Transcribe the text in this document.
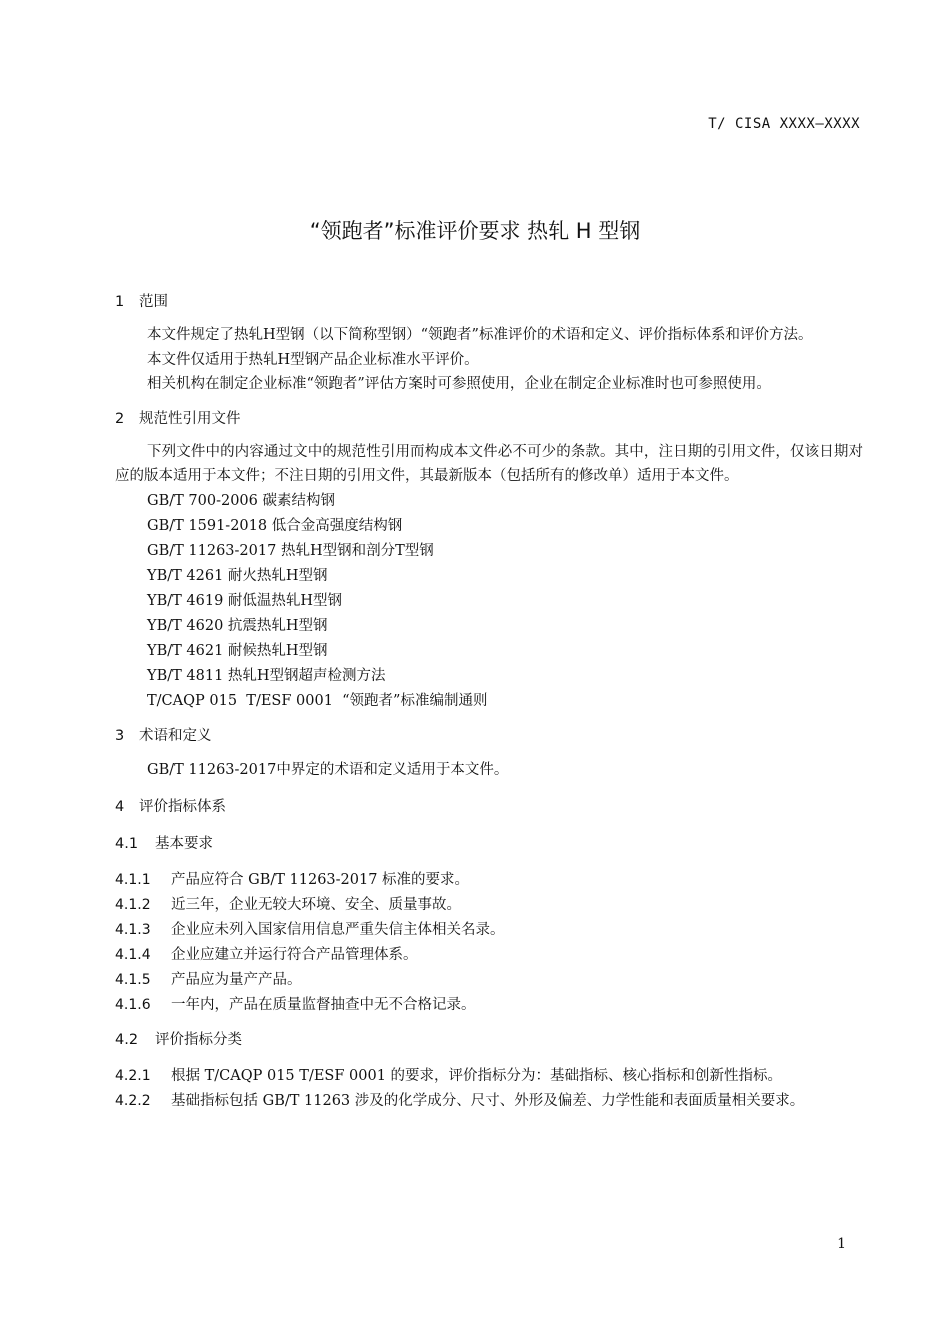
T/ CISA XXXX—XXXX
“领跑者”标准评价要求 热轧 H 型钢
1 范围

本文件规定了热轧H型钢（以下简称型钢）“领跑者”标准评价的术语和定义、评价指标体系和评价方法。

本文件仅适用于热轧H型钢产品企业标准水平评价。

相关机构在制定企业标准“领跑者”评估方案时可参照使用，企业在制定企业标准时也可参照使用。

2 规范性引用文件

下列文件中的内容通过文中的规范性引用而构成本文件必不可少的条款。其中，注日期的引用文件，仅该日期对应的版本适用于本文件；不注日期的引用文件，其最新版本（包括所有的修改单）适用于本文件。

GB/T 700-2006 碳素结构钢

GB/T 1591-2018 低合金高强度结构钢

GB/T 11263-2017 热轧H型钢和剖分T型钢

YB/T 4261 耐火热轧H型钢

YB/T 4619 耐低温热轧H型钢

YB/T 4620 抗震热轧H型钢

YB/T 4621 耐候热轧H型钢

YB/T 4811 热轧H型钢超声检测方法

T/CAQP 015  T/ESF 0001  “领跑者”标准编制通则

3 术语和定义

GB/T 11263-2017中界定的术语和定义适用于本文件。

4 评价指标体系
4.1 基本要求

4.1.1 产品应符合 GB/T 11263-2017 标准的要求。

4.1.2 近三年，企业无较大环境、安全、质量事故。

4.1.3 企业应未列入国家信用信息严重失信主体相关名录。

4.1.4 企业应建立并运行符合产品管理体系。

4.1.5 产品应为量产产品。

4.1.6 一年内，产品在质量监督抽查中无不合格记录。

4.2 评价指标分类

4.2.1 根据 T/CAQP 015 T/ESF 0001 的要求，评价指标分为：基础指标、核心指标和创新性指标。

4.2.2 基础指标包括 GB/T 11263 涉及的化学成分、尺寸、外形及偏差、力学性能和表面质量相关要求。

1
